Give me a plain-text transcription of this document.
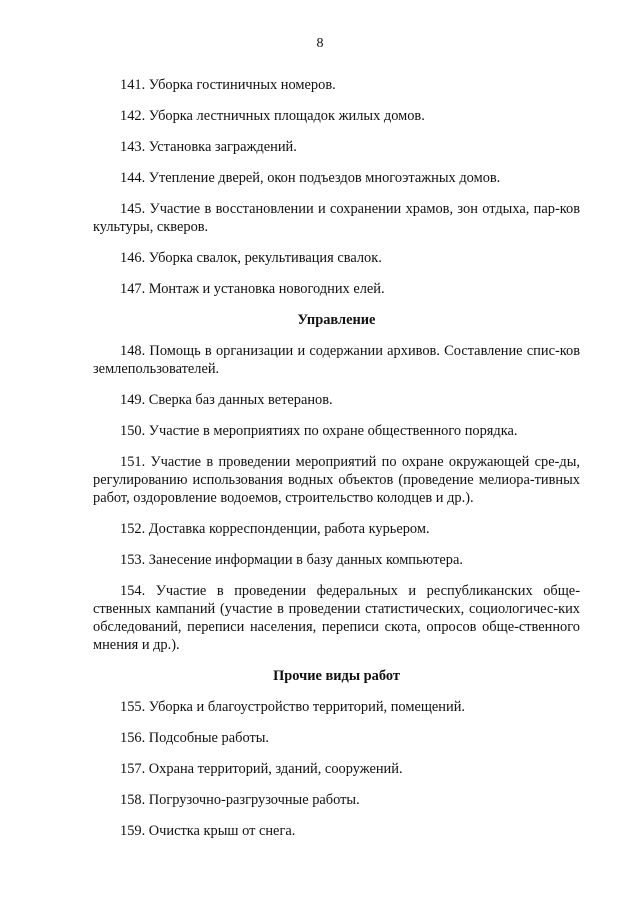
8

141. Уборка гостиничных номеров.

142. Уборка лестничных площадок жилых домов.

143. Установка заграждений.

144. Утепление дверей, окон подъездов многоэтажных домов.

145. Участие в восстановлении и сохранении храмов, зон отдыха, пар-ков культуры, скверов.

146. Уборка свалок, рекультивация свалок.

147. Монтаж и установка новогодних елей.

Управление

148. Помощь в организации и содержании архивов. Составление спис-ков землепользователей.

149. Сверка баз данных ветеранов.

150. Участие в мероприятиях по охране общественного порядка.

151. Участие в проведении мероприятий по охране окружающей сре-ды, регулированию использования водных объектов (проведение мелиора-тивных работ, оздоровление водоемов, строительство колодцев и др.).

152. Доставка корреспонденции, работа курьером.

153. Занесение информации в базу данных компьютера.

154. Участие в проведении федеральных и республиканских обще-ственных кампаний (участие в проведении статистических, социологичес-ких обследований, переписи населения, переписи скота, опросов обще-ственного мнения и др.).

Прочие виды работ

155. Уборка и благоустройство территорий, помещений.

156. Подсобные работы.

157. Охрана территорий, зданий, сооружений.

158. Погрузочно-разгрузочные работы.

159. Очистка крыш от снега.
